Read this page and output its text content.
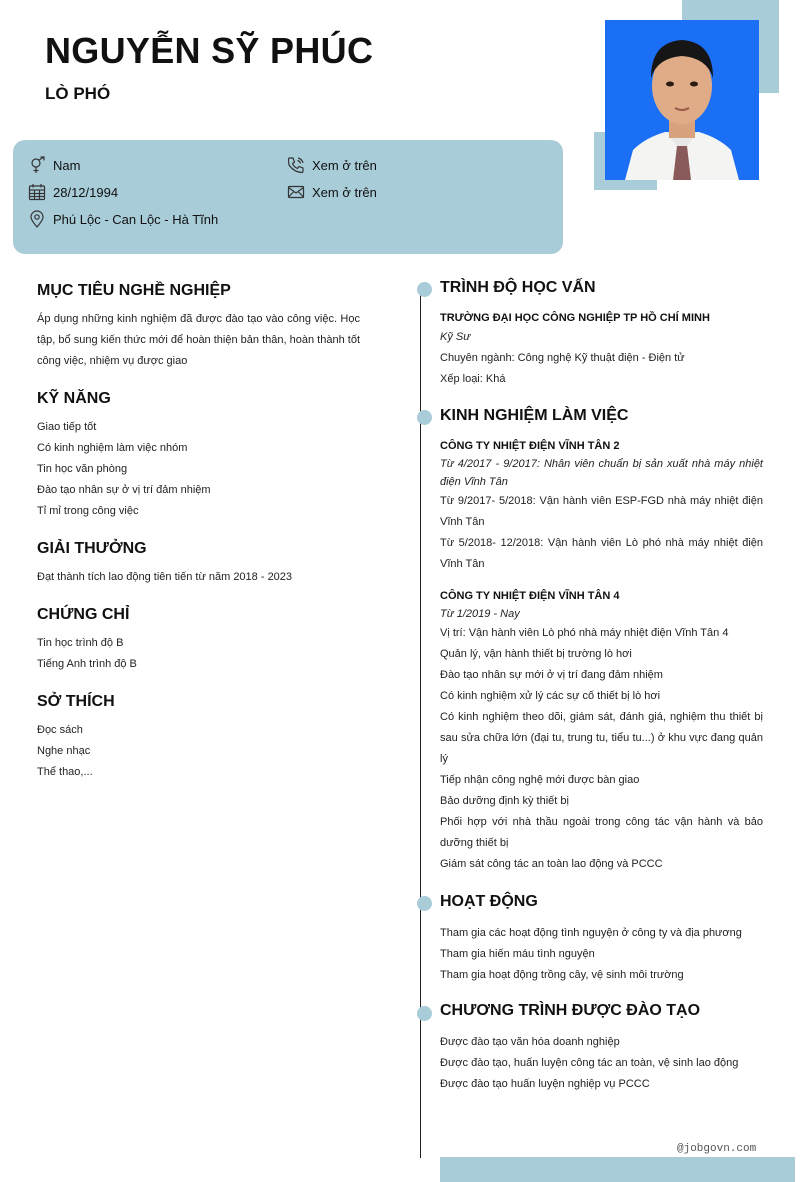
NGUYỄN SỸ PHÚC
LÒ PHÓ
Nam
28/12/1994
Phú Lộc - Can Lộc - Hà Tĩnh
Xem ở trên
Xem ở trên
MỤC TIÊU NGHỀ NGHIỆP
Áp dụng những kinh nghiệm đã được đào tạo vào công việc. Học tập, bổ sung kiến thức mới để hoàn thiện bản thân, hoàn thành tốt công việc, nhiệm vụ được giao
KỸ NĂNG
Giao tiếp tốt
Có kinh nghiệm làm việc nhóm
Tin học văn phòng
Đào tạo nhân sự ở vị trí đảm nhiệm
Tỉ mỉ trong công việc
GIẢI THƯỞNG
Đạt thành tích lao động tiên tiến từ năm 2018 - 2023
CHỨNG CHỈ
Tin học trình độ B
Tiếng Anh trình độ B
SỞ THÍCH
Đọc sách
Nghe nhạc
Thể thao,...
TRÌNH ĐỘ HỌC VẤN
TRƯỜNG ĐẠI HỌC CÔNG NGHIỆP TP HỒ CHÍ MINH
Kỹ Sư
Chuyên ngành: Công nghệ Kỹ thuật điện - Điện tử
Xếp loại: Khá
KINH NGHIỆM LÀM VIỆC
CÔNG TY NHIỆT ĐIỆN VĨNH TÂN 2
Từ 4/2017 - 9/2017: Nhân viên chuẩn bị sản xuất nhà máy nhiệt điện Vĩnh Tân
Từ 9/2017- 5/2018: Vận hành viên ESP-FGD nhà máy nhiệt điện Vĩnh Tân
Từ 5/2018- 12/2018: Vận hành viên Lò phó nhà máy nhiệt điện Vĩnh Tân
CÔNG TY NHIỆT ĐIỆN VĨNH TÂN 4
Từ 1/2019 - Nay
Vị trí: Vận hành viên Lò phó nhà máy nhiệt điện Vĩnh Tân 4
Quản lý, vận hành thiết bị trường lò hơi
Đào tạo nhân sự mới ở vị trí đang đảm nhiệm
Có kinh nghiệm xử lý các sự cố thiết bị lò hơi
Có kinh nghiệm theo dõi, giám sát, đánh giá, nghiệm thu thiết bị sau sửa chữa lớn (đại tu, trung tu, tiểu tu...) ở khu vực đang quản lý
Tiếp nhận công nghệ mới được bàn giao
Bảo dưỡng định kỳ thiết bị
Phối hợp với nhà thầu ngoài trong công tác vận hành và bảo dưỡng thiết bị
Giám sát công tác an toàn lao động và PCCC
HOẠT ĐỘNG
Tham gia các hoạt động tình nguyện ở công ty và địa phương
Tham gia hiến máu tình nguyện
Tham gia hoạt động trồng cây, vệ sinh môi trường
CHƯƠNG TRÌNH ĐƯỢC ĐÀO TẠO
Được đào tạo văn hóa doanh nghiệp
Được đào tạo, huấn luyện công tác an toàn, vệ sinh lao động
Được đào tạo huấn luyện nghiệp vụ PCCC
@jobgovn.com
